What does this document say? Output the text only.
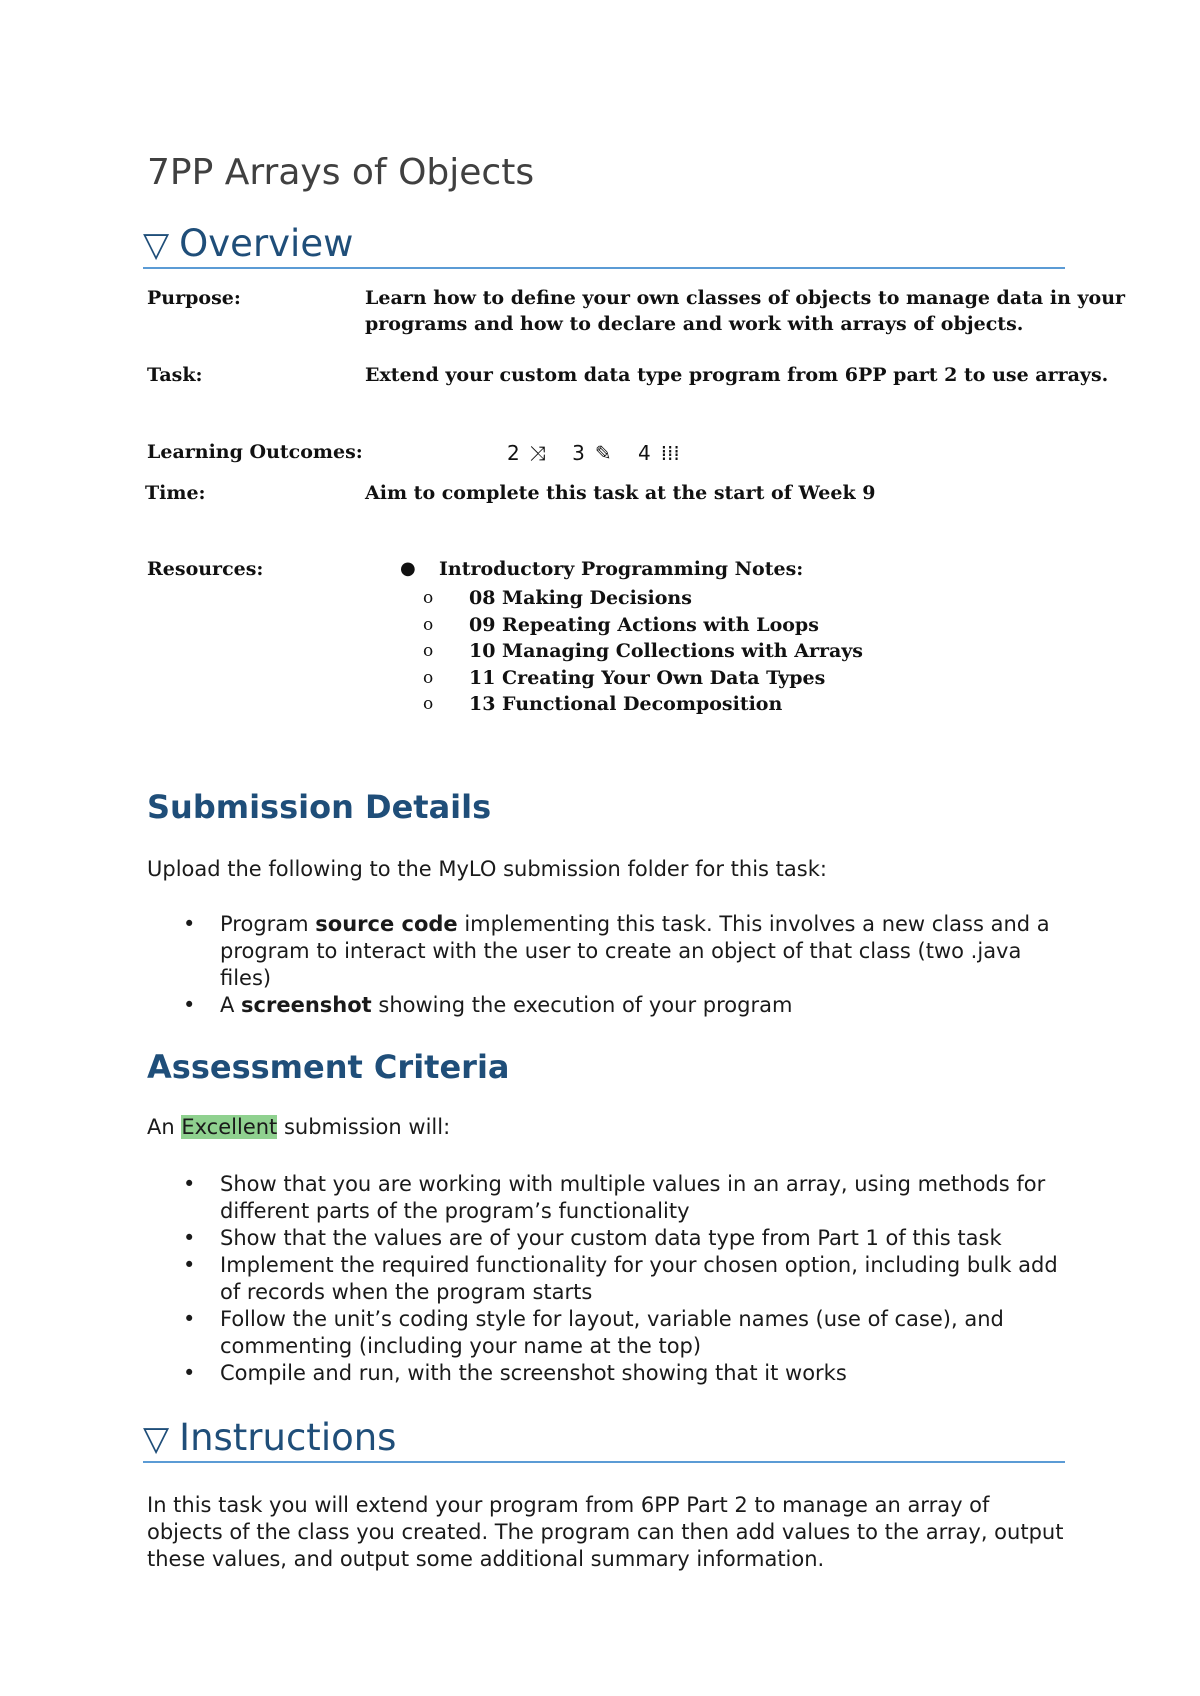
7PP Arrays of Objects
▽ Overview
Purpose:	Learn how to define your own classes of objects to manage data in your
programs and how to declare and work with arrays of objects.
Task:	Extend your custom data type program from 6PP part 2 to use arrays.
Learning Outcomes:	2 ⤨ 3 ✎ 4 ⁞⁞⁞
Time:	Aim to complete this task at the start of Week 9
Resources:	● Introductory Programming Notes:
o 08 Making Decisions
o 09 Repeating Actions with Loops
o 10 Managing Collections with Arrays
o 11 Creating Your Own Data Types
o 13 Functional Decomposition
Submission Details
Upload the following to the MyLO submission folder for this task:
• Program source code implementing this task. This involves a new class and a program to interact with the user to create an object of that class (two .java files)
• A screenshot showing the execution of your program
Assessment Criteria
An Excellent submission will:
• Show that you are working with multiple values in an array, using methods for different parts of the program’s functionality
• Show that the values are of your custom data type from Part 1 of this task
• Implement the required functionality for your chosen option, including bulk add of records when the program starts
• Follow the unit’s coding style for layout, variable names (use of case), and commenting (including your name at the top)
• Compile and run, with the screenshot showing that it works
▽ Instructions
In this task you will extend your program from 6PP Part 2 to manage an array of objects of the class you created. The program can then add values to the array, output these values, and output some additional summary information.
